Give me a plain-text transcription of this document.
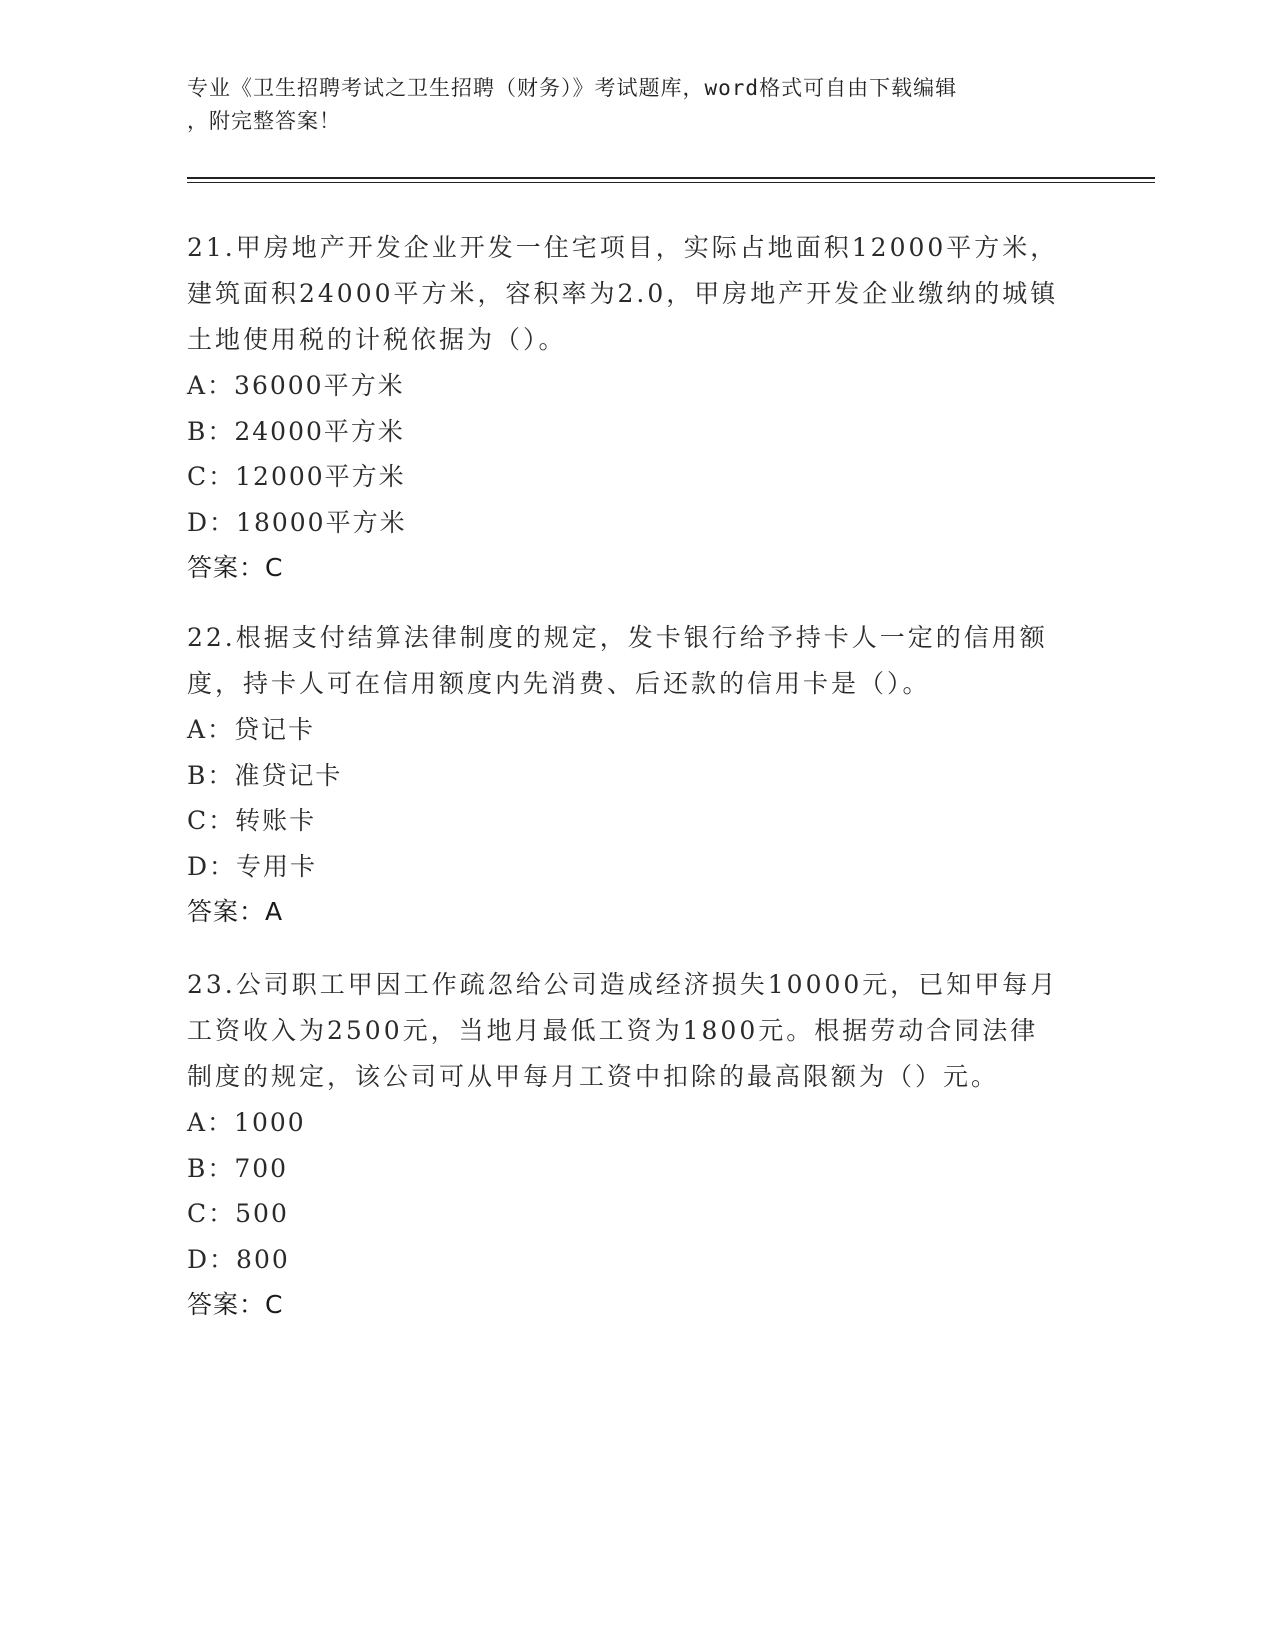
专业《卫生招聘考试之卫生招聘（财务）》考试题库，word格式可自由下载编辑

，附完整答案！

21.甲房地产开发企业开发一住宅项目，实际占地面积12000平方米，
建筑面积24000平方米，容积率为2.0，甲房地产开发企业缴纳的城镇
土地使用税的计税依据为（）。

A：36000平方米
B：24000平方米
C：12000平方米
D：18000平方米

答案：C

22.根据支付结算法律制度的规定，发卡银行给予持卡人一定的信用额
度，持卡人可在信用额度内先消费、后还款的信用卡是（）。

A：贷记卡
B：准贷记卡
C：转账卡
D：专用卡

答案：A

23.公司职工甲因工作疏忽给公司造成经济损失10000元，已知甲每月
工资收入为2500元，当地月最低工资为1800元。根据劳动合同法律
制度的规定，该公司可从甲每月工资中扣除的最高限额为（）元。

A：1000
B：700
C：500
D：800

答案：C
